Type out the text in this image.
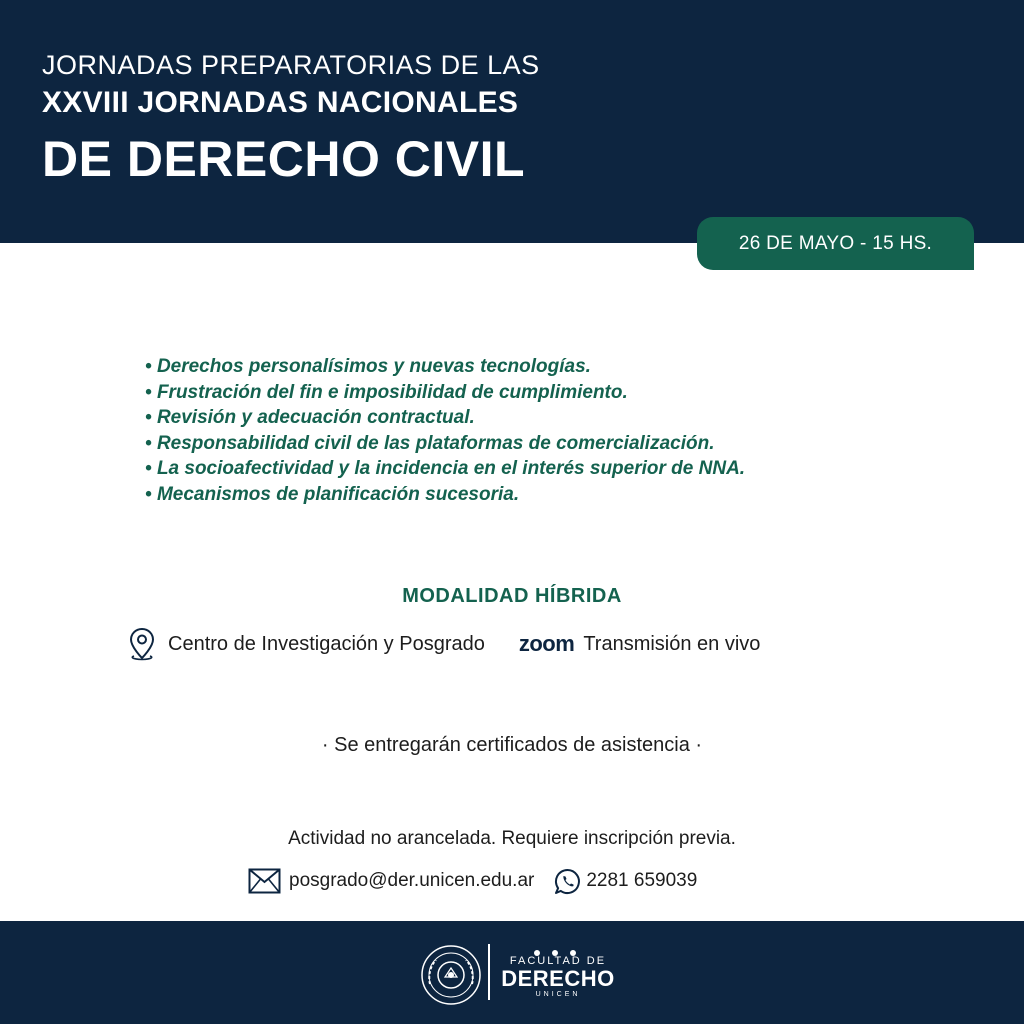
JORNADAS PREPARATORIAS DE LAS
XXVIII JORNADAS NACIONALES
DE DERECHO CIVIL
26 DE MAYO - 15 HS.
• Derechos personalísimos y nuevas tecnologías.
• Frustración del fin e imposibilidad de cumplimiento.
• Revisión y adecuación contractual.
• Responsabilidad civil de las plataformas de comercialización.
• La socioafectividad y la incidencia en el interés superior de NNA.
• Mecanismos de planificación sucesoria.
MODALIDAD HÍBRIDA
Centro de Investigación y Posgrado zoom Transmisión en vivo
· Se entregarán certificados de asistencia ·
Actividad no arancelada. Requiere inscripción previa.
posgrado@der.unicen.edu.ar	2281 659039
FACULTAD DE
DERECHO
UNICEN
